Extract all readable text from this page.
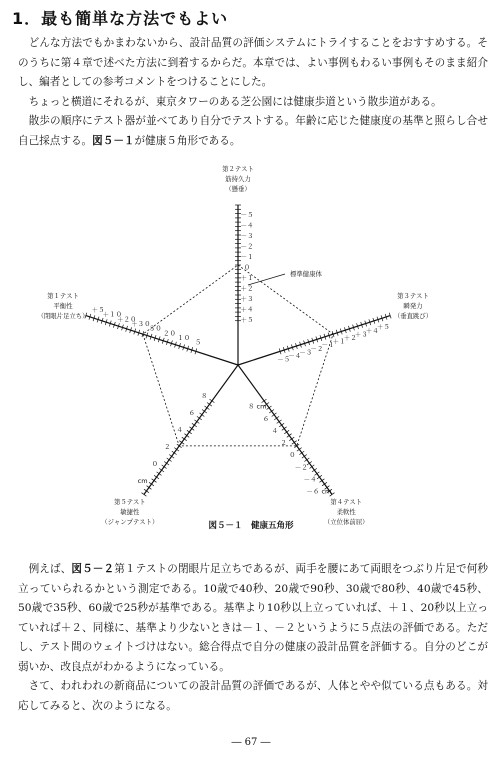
1．最も簡単な方法でもよい

どんな方法でもかまわないから、設計品質の評価システムにトライすることをおすすめする。そのうちに第４章で述べた方法に到着するからだ。本章では、よい事例もわるい事例もそのまま紹介し、編者としての参考コメントをつけることにした。

ちょっと横道にそれるが、東京タワーのある芝公園には健康歩道という散歩道がある。

散歩の順序にテスト器が並べてあり自分でテストする。年齢に応じた健康度の基準と照らし合せ自己採点する。図５－１が健康５角形である。

＋５
＋４
＋３
＋２
＋１
０
－１
－２
－３
－４
－５
第２テスト
筋持久力
（懸垂）
－５
－４
－３
－２
－１
＋１
＋２
＋３
＋４
＋５
第３テスト
瞬発力
（垂直跳び）
８ cm
６
４
２
０
－２
－４
－６ cm
第４テスト
柔軟性
（立位体前屈）
８
６
４
２
０
cm
第５テスト
敏捷性
（ジャンプテスト）
５
１０
２０
３０
＋３０
＋２０
＋１０
＋５
第１テスト
平衡性
（閉眼片足立ち）
標準健康体
図５－１　健康五角形

例えば、図５－２第１テストの閉眼片足立ちであるが、両手を腰にあて両眼をつぶり片足で何秒立っていられるかという測定である。10歳で40秒、20歳で90秒、30歳で80秒、40歳で45秒、50歳で35秒、60歳で25秒が基準である。基準より10秒以上立っていれば、＋１、20秒以上立っていれば＋２、同様に、基準より少ないときは－１、－２というように５点法の評価である。ただし、テスト間のウェイトづけはない。総合得点で自分の健康の設計品質を評価する。自分のどこが弱いか、改良点がわかるようになっている。

さて、われわれの新商品についての設計品質の評価であるが、人体とやや似ている点もある。対応してみると、次のようになる。

― 67 ―
